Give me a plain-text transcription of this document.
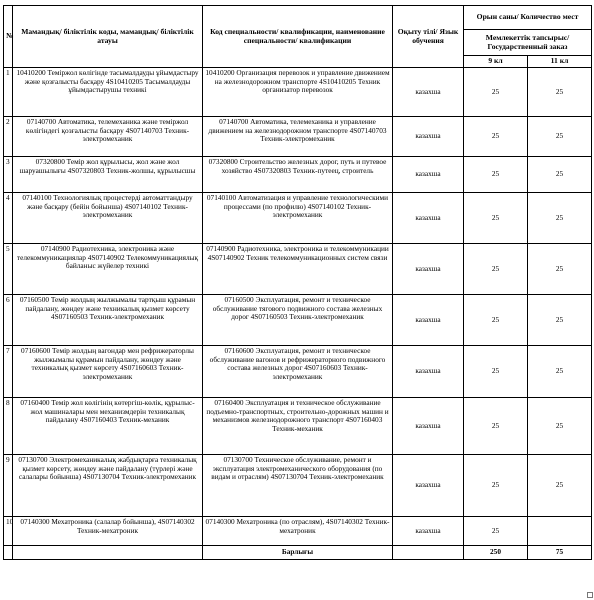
№	Мамандық/ біліктілік коды, мамандық/ біліктілік атауы	Код специальности/ квалификации, наименование специальности/ квалификации	Оқыту тілі/ Язык обучения	Орын саны/ Количество мест	
				Мемлекеттік тапсырыс/ Государственный заказ	
				9 кл	11 кл
1	10410200 Теміржол көлігінде тасымалдауды ұйымдастыру және қозғалысты басқару 4S10410205 Тасымалдауды ұйымдастырушы техникі	10410200 Организация перевозок и управление движением на железнодорожном транспорте 4S10410205 Техник организатор перевозок	казахша	25	25
2	07140700 Автоматика, телемеханика және теміржол көлігіндегі қозғалысты басқару 4S07140703 Техник-электромеханик	07140700 Автоматика, телемеханика и управление движением на железнодорожном транспорте 4S07140703 Техник-электромеханик	казахша	25	25
3	07320800 Темір жол құрылысы, жол және жол шаруашылығы 4S07320803 Техник-жолшы, құрылысшы	07320800 Строительство железных дорог, путь и путевое хозяйство 4S07320803 Техник-путеец, строитель	казахша	25	25
4	07140100 Технологиялық процестерді автоматтандыру және басқару (бейін бойынша) 4S07140102 Техник-электромеханик	07140100 Автоматизация и управление технологическими процессами (по профилю) 4S07140102 Техник-электромеханик	казахша	25	25
5	07140900 Радиотехника, электроника және телекоммуникациялар 4S07140902 Телекоммуникациялық байланыс жүйелер техникі	07140900 Радиотехника, электроника и телекоммуникации 4S07140902 Техник телекоммуникационных систем связи	казахша	25	25
6	07160500 Темір жолдың жылжымалы тартқыш құрамын пайдалану, жөндеу және техникалық қызмет көрсету 4S07160503 Техник-электромеханик	07160500 Эксплуатация, ремонт и техническое обслуживание тягового подвижного состава железных дорог 4S07160503 Техник-электромеханик	казахша	25	25
7	07160600 Темір жолдың вагондар мен рефрижераторлы жылжымалы құрамын пайдалану, жөндеу және техникалық қызмет көрсету 4S07160603 Техник-электромеханик	07160600 Эксплуатация, ремонт и техническое обслуживание вагонов и рефрижераторного подвижного состава железных дорог 4S07160603 Техник-электромеханик	казахша	25	25
8	07160400 Темір жол көлігінің көтергіш-көлік, құрылыс-жол машиналары мен механизмдерін техникалық пайдалану 4S07160403 Техник-механик	07160400 Эксплуатация и техническое обслуживание подъемно-транспортных, строительно-дорожных машин и механизмов железнодорожного транспорт 4S07160403 Техник-механик	казахша	25	25
9	07130700 Электромеханикалық жабдықтарға техникалық қызмет көрсету, жөндеу және пайдалану (түрлері және салалары бойынша) 4S07130704 Техник-электромеханик	07130700 Техническое обслуживание, ремонт и эксплуатация электромеханического оборудования (по видам и отраслям) 4S07130704 Техник-электромеханик	казахша	25	25
10	07140300 Мехатроника (салалар бойынша), 4S07140302 Техник-мехатроник	07140300 Мехатроника (по отраслям), 4S07140302 Техник-мехатроник	казахша	25	
		Барлығы		250	75
